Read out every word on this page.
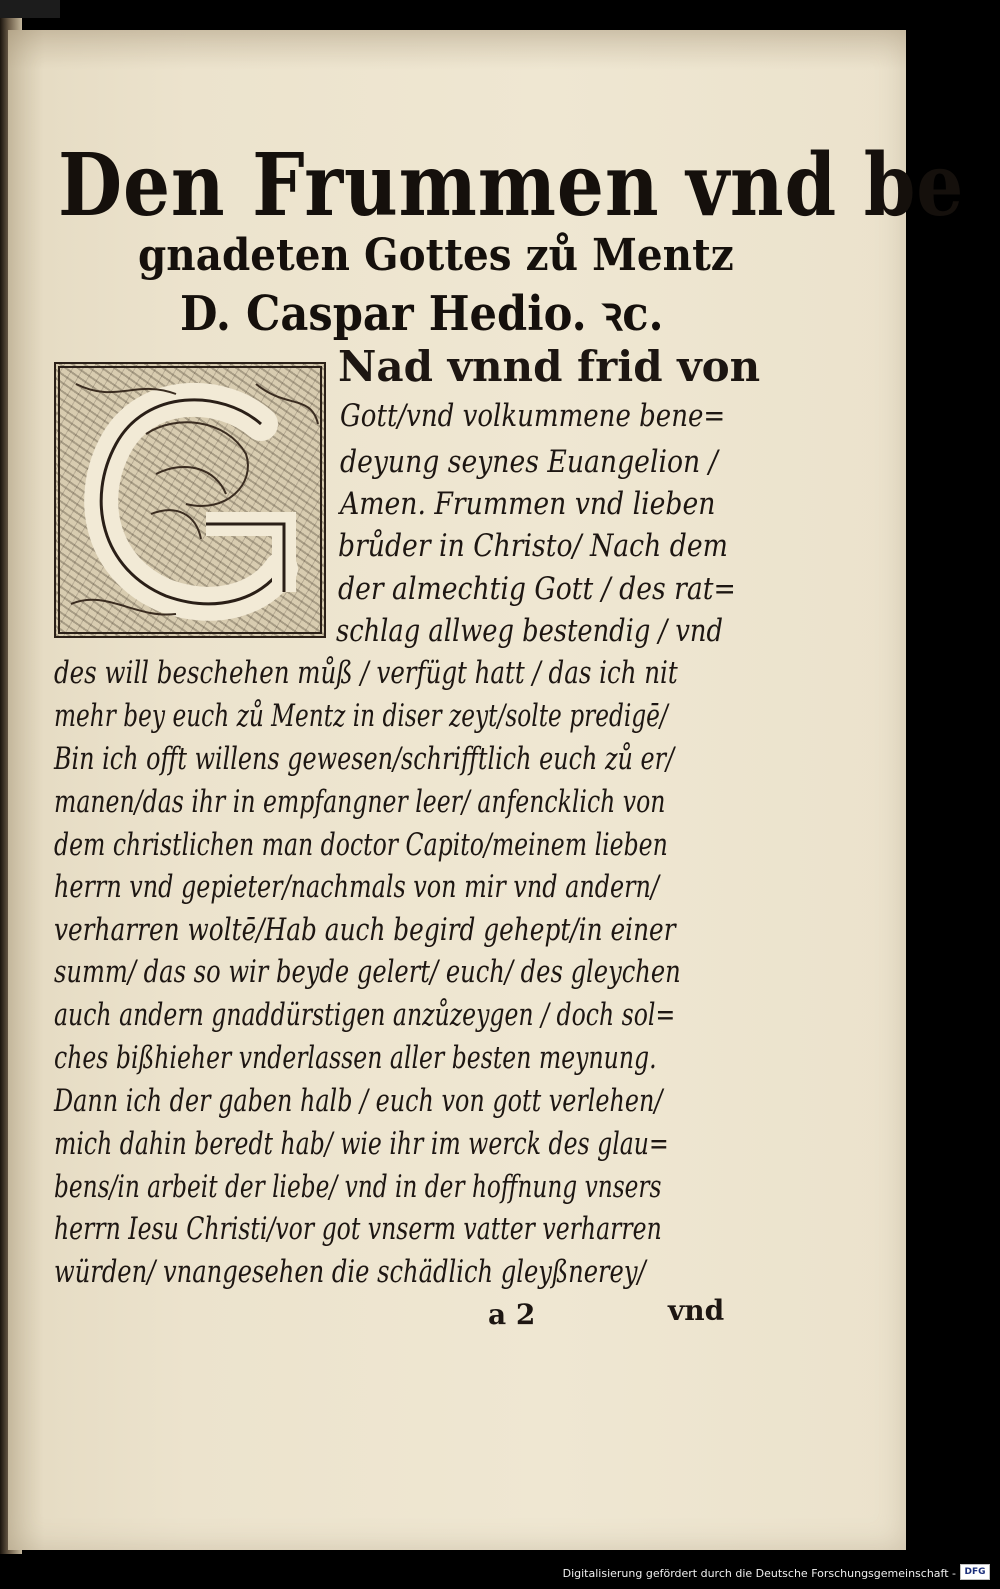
Den Frummen vnd be
gnadeten Gottes zů Mentz
D. Caspar Hedio. ꝛc.
Nad vnnd frid von
Gott/vnd volkummene bene=
deyung seynes Euangelion /
Amen. Frummen vnd lieben
brůder in Christo/ Nach dem
der almechtig Gott / des rat=
schlag allweg bestendig / vnd
des will beschehen můß / verfügt hatt / das ich nit
mehr bey euch zů Mentz in diser zeyt/solte predigē/
Bin ich offt willens gewesen/schrifftlich euch zů er/
manen/das ihr in empfangner leer/ anfencklich von
dem christlichen man doctor Capito/meinem lieben
herrn vnd gepieter/nachmals von mir vnd andern/
verharren woltē/Hab auch begird gehept/in einer
summ/ das so wir beyde gelert/ euch/ des gleychen
auch andern gnaddürstigen anzůzeygen / doch sol=
ches bißhieher vnderlassen aller besten meynung.
Dann ich der gaben halb / euch von gott verlehen/
mich dahin beredt hab/ wie ihr im werck des glau=
bens/in arbeit der liebe/ vnd in der hoffnung vnsers
herrn Iesu Christi/vor got vnserm vatter verharren
würden/ vnangesehen die schädlich gleyßnerey/
a 2	vnd
Digitalisierung gefördert durch die Deutsche Forschungsgemeinschaft - DFG
